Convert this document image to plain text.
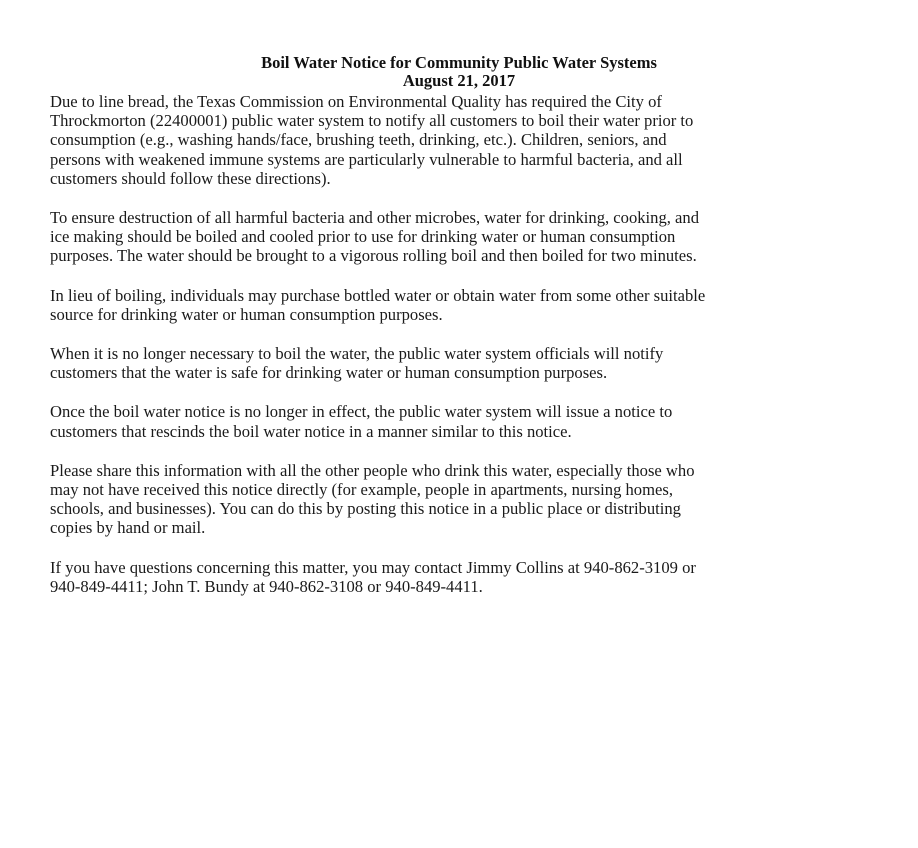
Boil Water Notice for Community Public Water Systems
August 21, 2017

Due to line bread, the Texas Commission on Environmental Quality has required the City of
Throckmorton (22400001) public water system to notify all customers to boil their water prior to
consumption (e.g., washing hands/face, brushing teeth, drinking, etc.). Children, seniors, and
persons with weakened immune systems are particularly vulnerable to harmful bacteria, and all
customers should follow these directions).

To ensure destruction of all harmful bacteria and other microbes, water for drinking, cooking, and
ice making should be boiled and cooled prior to use for drinking water or human consumption
purposes. The water should be brought to a vigorous rolling boil and then boiled for two minutes.

In lieu of boiling, individuals may purchase bottled water or obtain water from some other suitable
source for drinking water or human consumption purposes.

When it is no longer necessary to boil the water, the public water system officials will notify
customers that the water is safe for drinking water or human consumption purposes.

Once the boil water notice is no longer in effect, the public water system will issue a notice to
customers that rescinds the boil water notice in a manner similar to this notice.

Please share this information with all the other people who drink this water, especially those who
may not have received this notice directly (for example, people in apartments, nursing homes,
schools, and businesses). You can do this by posting this notice in a public place or distributing
copies by hand or mail.

If you have questions concerning this matter, you may contact Jimmy Collins at 940-862-3109 or
940-849-4411; John T. Bundy at 940-862-3108 or 940-849-4411.
